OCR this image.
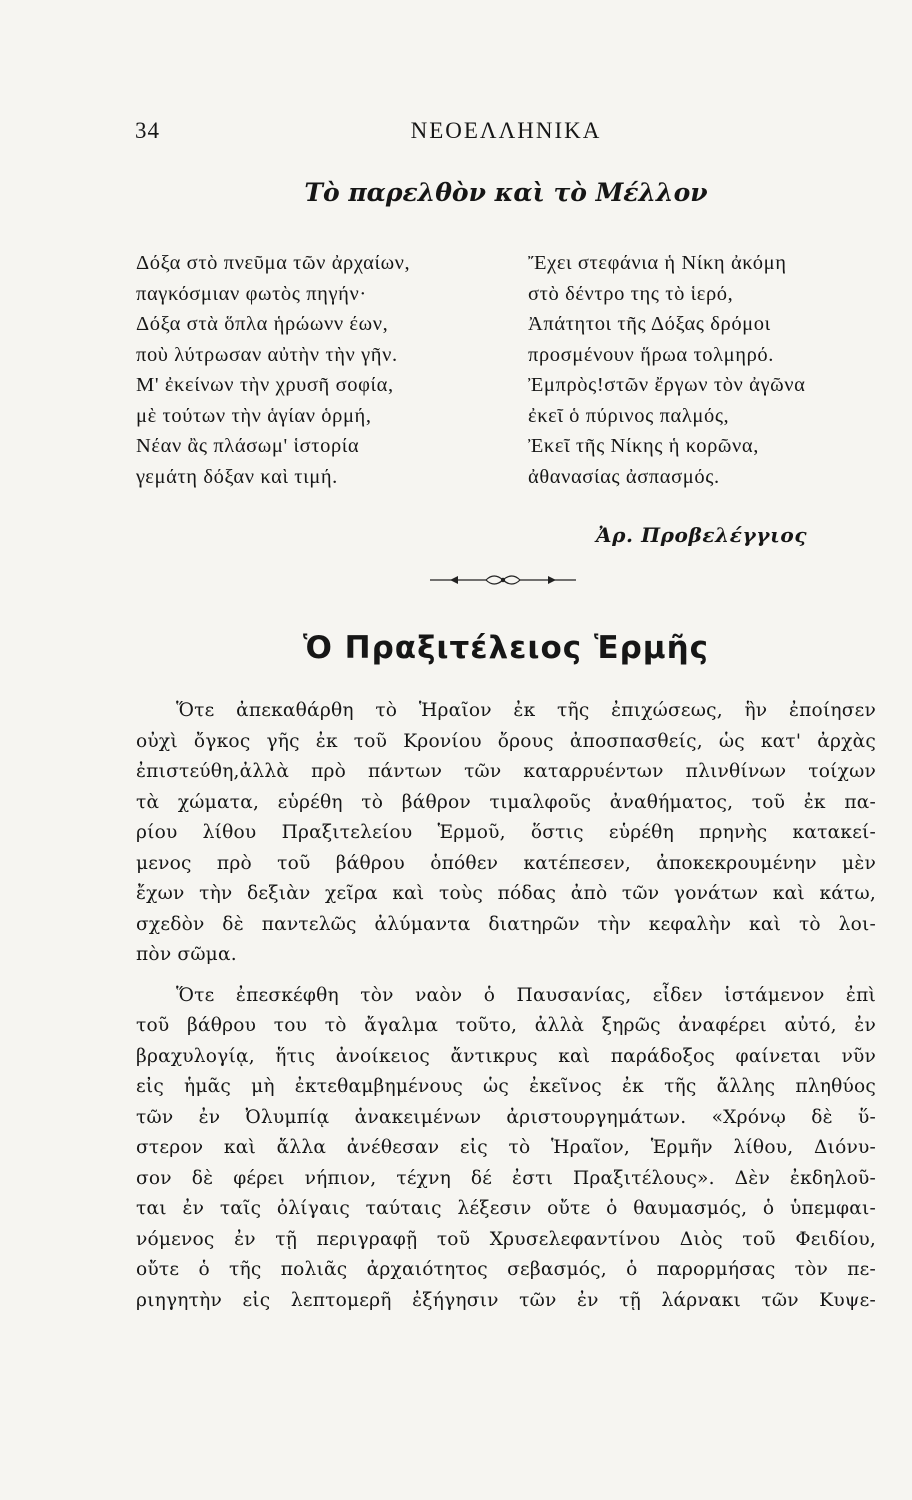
34	ΝΕΟΕΛΛΗΝΙΚΑ
Τὸ παρελθὸν καὶ τὸ Μέλλον
Δόξα στὸ πνεῦμα τῶν ἀρχαίων,
παγκόσμιαν φωτὸς πηγήν·
Δόξα στὰ ὅπλα ἡρώωνν έων,
ποὺ λύτρωσαν αὐτὴν τὴν γῆν.
Μ' ἐκείνων τὴν χρυσῆ σοφία,
μὲ τούτων τὴν ἁγίαν ὁρμή,
Νέαν ἂς πλάσωμ' ἱστορία
γεμάτη δόξαν καὶ τιμή.
Ἔχει στεφάνια ἡ Νίκη ἀκόμη
στὸ δέντρο της τὸ ἱερό,
Ἀπάτητοι τῆς Δόξας δρόμοι
προσμένουν ἥρωα τολμηρό.
Ἐμπρὸς!στῶν ἔργων τὸν ἀγῶνα
ἐκεῖ ὁ πύρινος παλμός,
Ἐκεῖ τῆς Νίκης ἡ κορῶνα,
ἀθανασίας ἀσπασμός.
Ἀρ. Προβελέγγιος
Ὁ Πραξιτέλειος Ἑρμῆς
Ὅτε ἀπεκαθάρθη τὸ Ἡραῖον ἐκ τῆς ἐπιχώσεως, ἣν ἐποίησεν
οὐχὶ ὄγκος γῆς ἐκ τοῦ Κρονίου ὄρους ἀποσπασθείς, ὡς κατ' ἀρχὰς
ἐπιστεύθη,ἀλλὰ πρὸ πάντων τῶν καταρρυέντων πλινθίνων τοίχων
τὰ χώματα, εὑρέθη τὸ βάθρον τιμαλφοῦς ἀναθήματος, τοῦ ἐκ πα-
ρίου λίθου Πραξιτελείου Ἑρμοῦ, ὅστις εὑρέθη πρηνὴς κατακεί-
μενος πρὸ τοῦ βάθρου ὁπόθεν κατέπεσεν, ἀποκεκρουμένην μὲν
ἔχων τὴν δεξιὰν χεῖρα καὶ τοὺς πόδας ἀπὸ τῶν γονάτων καὶ κάτω,
σχεδὸν δὲ παντελῶς ἀλύμαντα διατηρῶν τὴν κεφαλὴν καὶ τὸ λοι-
πὸν σῶμα.
Ὅτε ἐπεσκέφθη τὸν ναὸν ὁ Παυσανίας, εἶδεν ἱστάμενον ἐπὶ
τοῦ βάθρου του τὸ ἄγαλμα τοῦτο, ἀλλὰ ξηρῶς ἀναφέρει αὐτό, ἐν
βραχυλογίᾳ, ἥτις ἀνοίκειος ἄντικρυς καὶ παράδοξος φαίνεται νῦν
εἰς ἡμᾶς μὴ ἐκτεθαμβημένους ὡς ἐκεῖνος ἐκ τῆς ἄλλης πληθύος
τῶν ἐν Ὀλυμπίᾳ ἀνακειμένων ἀριστουργημάτων. «Χρόνῳ δὲ ὕ-
στερον καὶ ἄλλα ἀνέθεσαν εἰς τὸ Ἡραῖον, Ἑρμῆν λίθου, Διόνυ-
σον δὲ φέρει νήπιον, τέχνη δέ ἐστι Πραξιτέλους». Δὲν ἐκδηλοῦ-
ται ἐν ταῖς ὀλίγαις ταύταις λέξεσιν οὔτε ὁ θαυμασμός, ὁ ὑπεμφαι-
νόμενος ἐν τῇ περιγραφῇ τοῦ Χρυσελεφαντίνου Διὸς τοῦ Φειδίου,
οὔτε ὁ τῆς πολιᾶς ἀρχαιότητος σεβασμός, ὁ παρορμήσας τὸν πε-
ριηγητὴν εἰς λεπτομερῆ ἐξήγησιν τῶν ἐν τῇ λάρνακι τῶν Κυψε-
